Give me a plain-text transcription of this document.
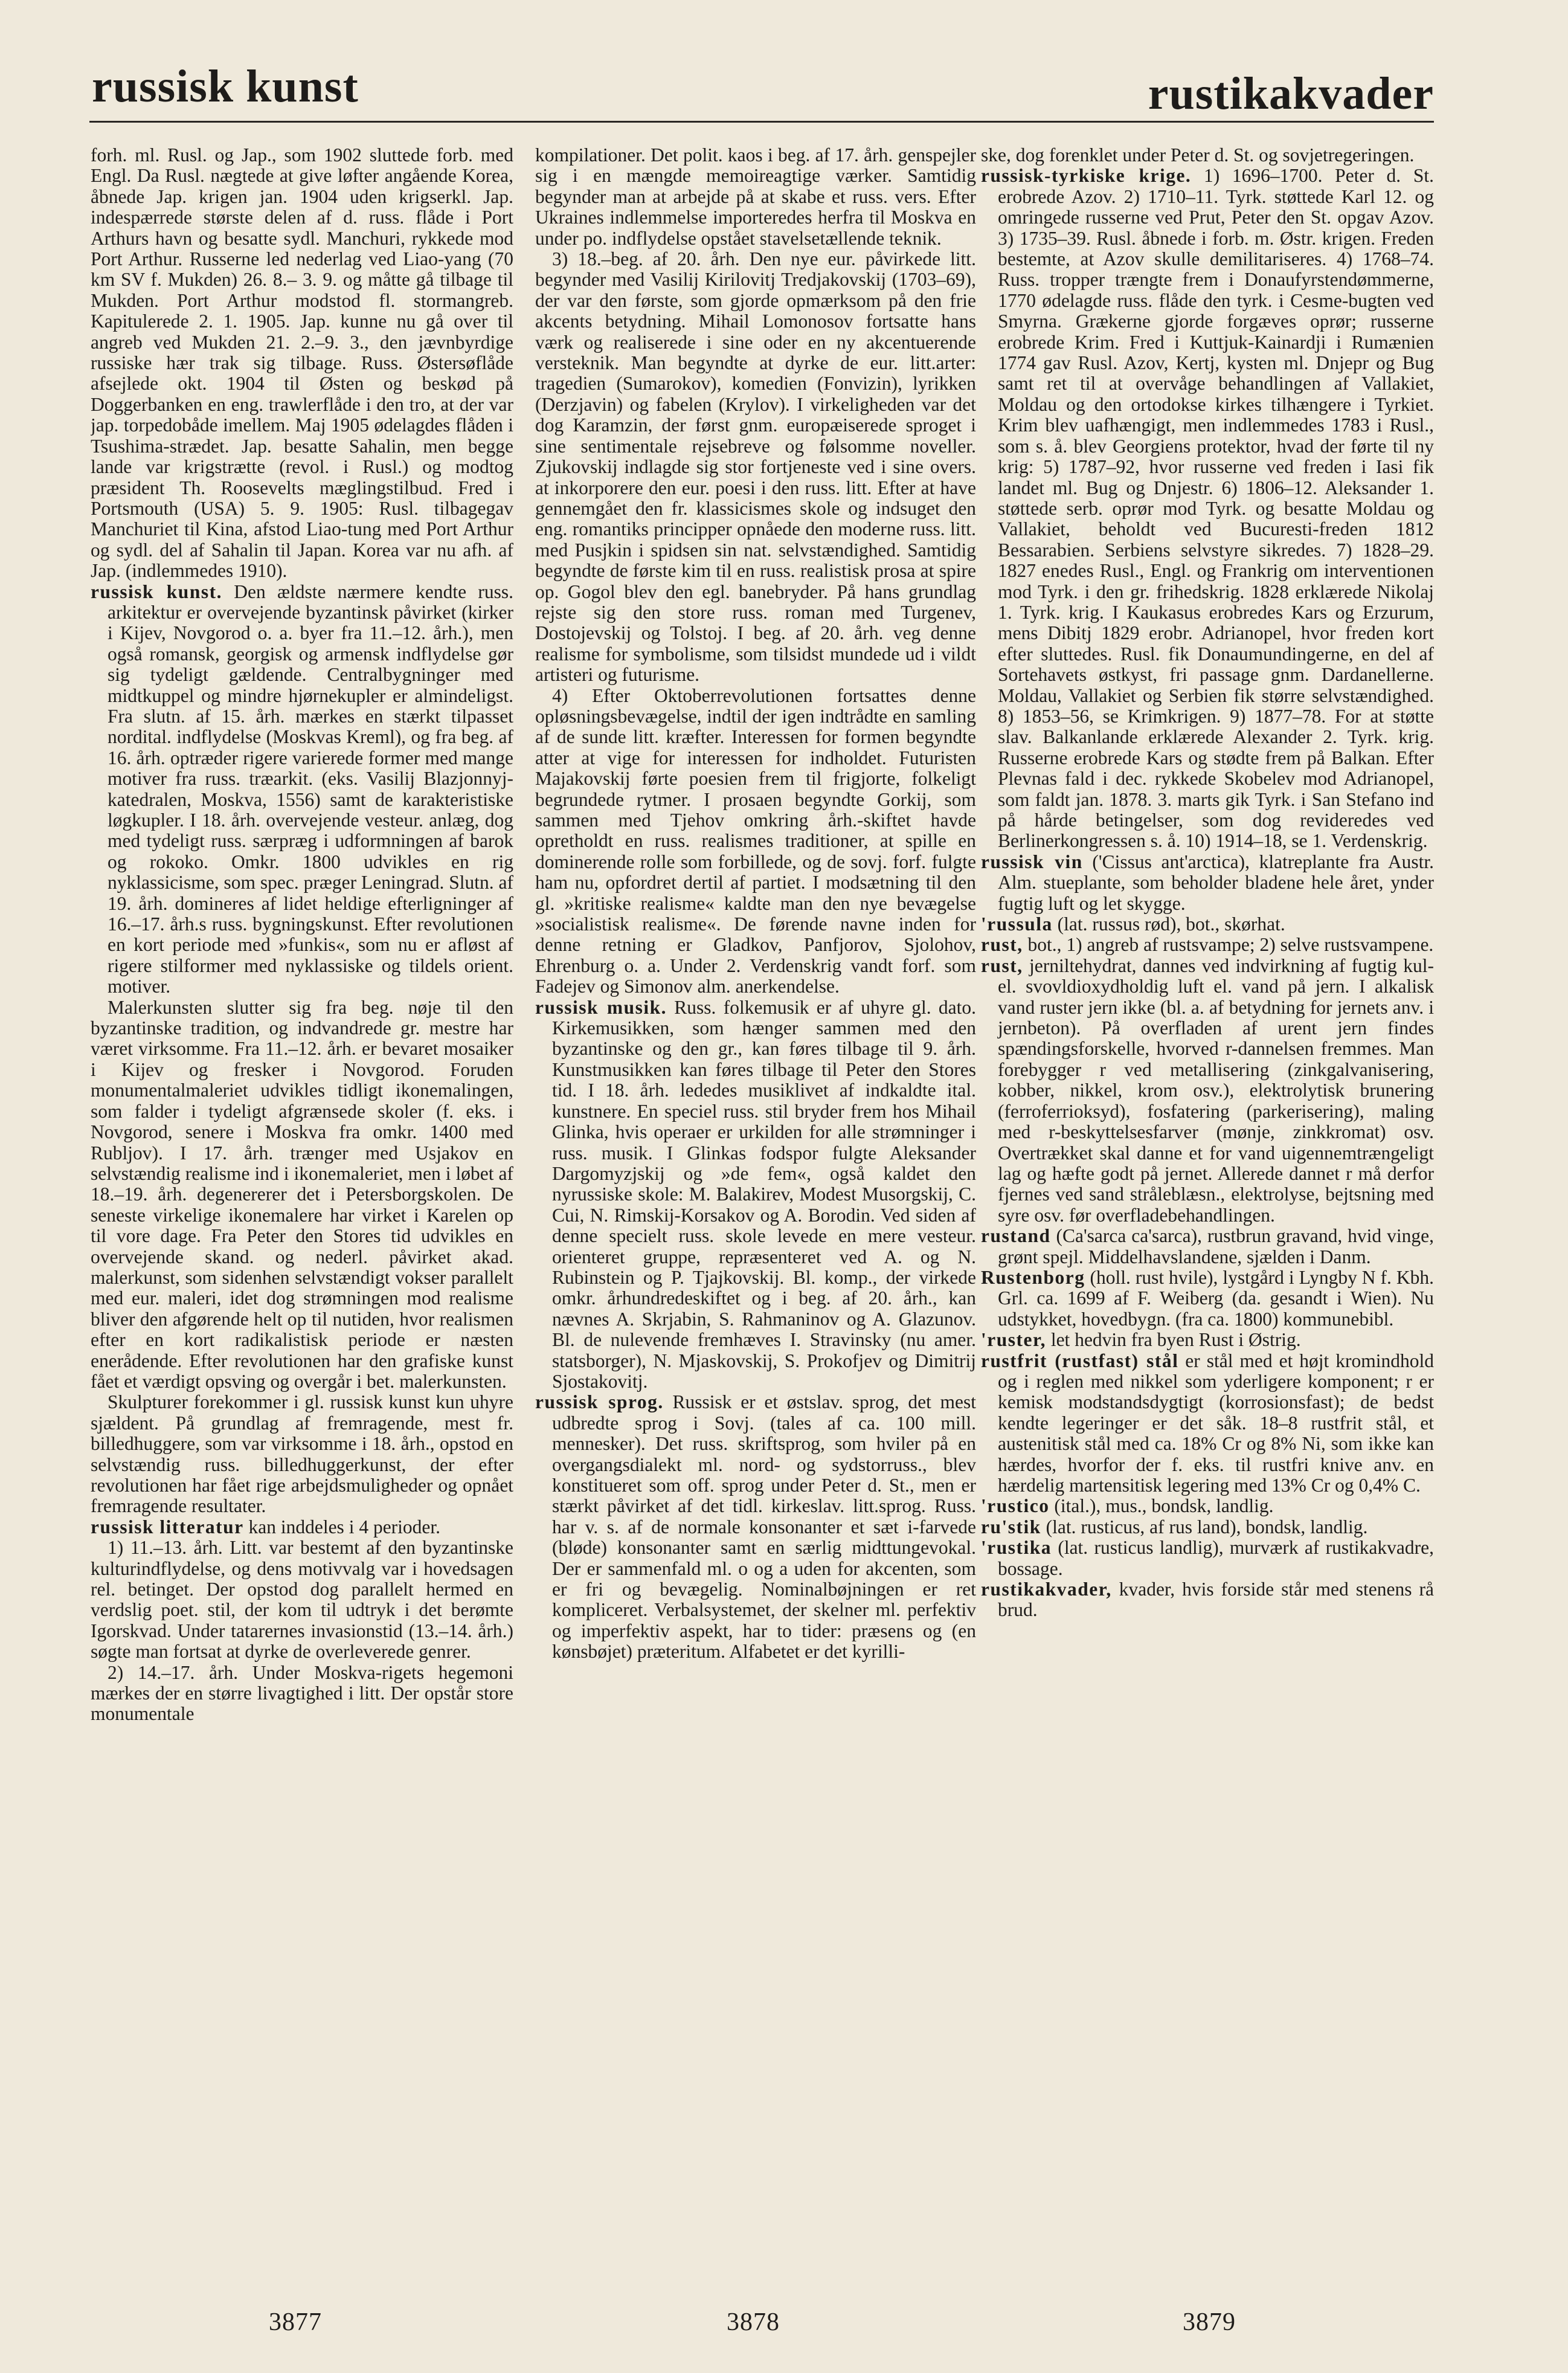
russisk kunst	rustikakvader

forh. ml. Rusl. og Jap., som 1902 sluttede forb. med Engl. Da Rusl. nægtede at give løfter angående Korea, åbnede Jap. krigen jan. 1904 uden krigserkl. Jap. indespærrede største delen af d. russ. flåde i Port Arthurs havn og besatte sydl. Manchuri, rykkede mod Port Arthur. Russerne led nederlag ved Liao-yang (70 km SV f. Mukden) 26. 8.– 3. 9. og måtte gå tilbage til Mukden. Port Arthur modstod fl. stormangreb. Kapitulerede 2. 1. 1905. Jap. kunne nu gå over til angreb ved Mukden 21. 2.–9. 3., den jævnbyrdige russiske hær trak sig tilbage. Russ. Østersøflåde afsejlede okt. 1904 til Østen og beskød på Doggerbanken en eng. trawlerflåde i den tro, at der var jap. torpedobåde imellem. Maj 1905 ødelagdes flåden i Tsushima-strædet. Jap. besatte Sahalin, men begge lande var krigstrætte (revol. i Rusl.) og modtog præsident Th. Roosevelts mæglingstilbud. Fred i Portsmouth (USA) 5. 9. 1905: Rusl. tilbagegav Manchuriet til Kina, afstod Liao-tung med Port Arthur og sydl. del af Sahalin til Japan. Korea var nu afh. af Jap. (indlemmedes 1910).

russisk kunst. Den ældste nærmere kendte russ. arkitektur er overvejende byzantinsk påvirket (kirker i Kijev, Novgorod o. a. byer fra 11.–12. årh.), men også romansk, georgisk og armensk indflydelse gør sig tydeligt gældende. Centralbygninger med midtkuppel og mindre hjørnekupler er almindeligst. Fra slutn. af 15. årh. mærkes en stærkt tilpasset nordital. indflydelse (Moskvas Kreml), og fra beg. af 16. årh. optræder rigere varierede former med mange motiver fra russ. træarkit. (eks. Vasilij Blazjonnyj-katedralen, Moskva, 1556) samt de karakteristiske løgkupler. I 18. årh. overvejende vesteur. anlæg, dog med tydeligt russ. særpræg i udformningen af barok og rokoko. Omkr. 1800 udvikles en rig nyklassicisme, som spec. præger Leningrad. Slutn. af 19. årh. domineres af lidet heldige efterligninger af 16.–17. årh.s russ. bygningskunst. Efter revolutionen en kort periode med »funkis«, som nu er afløst af rigere stilformer med nyklassiske og tildels orient. motiver.

Malerkunsten slutter sig fra beg. nøje til den byzantinske tradition, og indvandrede gr. mestre har været virksomme. Fra 11.–12. årh. er bevaret mosaiker i Kijev og fresker i Novgorod. Foruden monumentalmaleriet udvikles tidligt ikonemalingen, som falder i tydeligt afgrænsede skoler (f. eks. i Novgorod, senere i Moskva fra omkr. 1400 med Rubljov). I 17. årh. trænger med Usjakov en selvstændig realisme ind i ikonemaleriet, men i løbet af 18.–19. årh. degenererer det i Petersborgskolen. De seneste virkelige ikonemalere har virket i Karelen op til vore dage. Fra Peter den Stores tid udvikles en overvejende skand. og nederl. påvirket akad. malerkunst, som sidenhen selvstændigt vokser parallelt med eur. maleri, idet dog strømningen mod realisme bliver den afgørende helt op til nutiden, hvor realismen efter en kort radikalistisk periode er næsten enerådende. Efter revolutionen har den grafiske kunst fået et værdigt opsving og overgår i bet. malerkunsten.

Skulpturer forekommer i gl. russisk kunst kun uhyre sjældent. På grundlag af fremragende, mest fr. billedhuggere, som var virksomme i 18. årh., opstod en selvstændig russ. billedhuggerkunst, der efter revolutionen har fået rige arbejdsmuligheder og opnået fremragende resultater.

russisk litteratur kan inddeles i 4 perioder.

1) 11.–13. årh. Litt. var bestemt af den byzantinske kulturindflydelse, og dens motivvalg var i hovedsagen rel. betinget. Der opstod dog parallelt hermed en verdslig poet. stil, der kom til udtryk i det berømte Igorskvad. Under tatarernes invasionstid (13.–14. årh.) søgte man fortsat at dyrke de overleverede genrer.

2) 14.–17. årh. Under Moskva-rigets hegemoni mærkes der en større livagtighed i litt. Der opstår store monumentale

kompilationer. Det polit. kaos i beg. af 17. årh. genspejler sig i en mængde memoireagtige værker. Samtidig begynder man at arbejde på at skabe et russ. vers. Efter Ukraines indlemmelse importeredes herfra til Moskva en under po. indflydelse opstået stavelsetællende teknik.

3) 18.–beg. af 20. årh. Den nye eur. påvirkede litt. begynder med Vasilij Kirilovitj Tredjakovskij (1703–69), der var den første, som gjorde opmærksom på den frie akcents betydning. Mihail Lomonosov fortsatte hans værk og realiserede i sine oder en ny akcentuerende versteknik. Man begyndte at dyrke de eur. litt.arter: tragedien (Sumarokov), komedien (Fonvizin), lyrikken (Derzjavin) og fabelen (Krylov). I virkeligheden var det dog Karamzin, der først gnm. europæiserede sproget i sine sentimentale rejsebreve og følsomme noveller. Zjukovskij indlagde sig stor fortjeneste ved i sine overs. at inkorporere den eur. poesi i den russ. litt. Efter at have gennemgået den fr. klassicismes skole og indsuget den eng. romantiks principper opnåede den moderne russ. litt. med Pusjkin i spidsen sin nat. selvstændighed. Samtidig begyndte de første kim til en russ. realistisk prosa at spire op. Gogol blev den egl. banebryder. På hans grundlag rejste sig den store russ. roman med Turgenev, Dostojevskij og Tolstoj. I beg. af 20. årh. veg denne realisme for symbolisme, som tilsidst mundede ud i vildt artisteri og futurisme.

4) Efter Oktoberrevolutionen fortsattes denne opløsningsbevægelse, indtil der igen indtrådte en samling af de sunde litt. kræfter. Interessen for formen begyndte atter at vige for interessen for indholdet. Futuristen Majakovskij førte poesien frem til frigjorte, folkeligt begrundede rytmer. I prosaen begyndte Gorkij, som sammen med Tjehov omkring årh.-skiftet havde opretholdt en russ. realismes traditioner, at spille en dominerende rolle som forbillede, og de sovj. forf. fulgte ham nu, opfordret dertil af partiet. I modsætning til den gl. »kritiske realisme« kaldte man den nye bevægelse »socialistisk realisme«. De førende navne inden for denne retning er Gladkov, Panfjorov, Sjolohov, Ehrenburg o. a. Under 2. Verdenskrig vandt forf. som Fadejev og Simonov alm. anerkendelse.

russisk musik. Russ. folkemusik er af uhyre gl. dato. Kirkemusikken, som hænger sammen med den byzantinske og den gr., kan føres tilbage til 9. årh. Kunstmusikken kan føres tilbage til Peter den Stores tid. I 18. årh. lededes musiklivet af indkaldte ital. kunstnere. En speciel russ. stil bryder frem hos Mihail Glinka, hvis operaer er urkilden for alle strømninger i russ. musik. I Glinkas fodspor fulgte Aleksander Dargomyzjskij og »de fem«, også kaldet den nyrussiske skole: M. Balakirev, Modest Musorgskij, C. Cui, N. Rimskij-Korsakov og A. Borodin. Ved siden af denne specielt russ. skole levede en mere vesteur. orienteret gruppe, repræsenteret ved A. og N. Rubinstein og P. Tjajkovskij. Bl. komp., der virkede omkr. århundredeskiftet og i beg. af 20. årh., kan nævnes A. Skrjabin, S. Rahmaninov og A. Glazunov. Bl. de nulevende fremhæves I. Stravinsky (nu amer. statsborger), N. Mjaskovskij, S. Prokofjev og Dimitrij Sjostakovitj.

russisk sprog. Russisk er et østslav. sprog, det mest udbredte sprog i Sovj. (tales af ca. 100 mill. mennesker). Det russ. skriftsprog, som hviler på en overgangsdialekt ml. nord- og sydstorruss., blev konstitueret som off. sprog under Peter d. St., men er stærkt påvirket af det tidl. kirkeslav. litt.sprog. Russ. har v. s. af de normale konsonanter et sæt i-farvede (bløde) konsonanter samt en særlig midttungevokal. Der er sammenfald ml. o og a uden for akcenten, som er fri og bevægelig. Nominalbøjningen er ret kompliceret. Verbalsystemet, der skelner ml. perfektiv og imperfektiv aspekt, har to tider: præsens og (en kønsbøjet) præteritum. Alfabetet er det kyrilli-

ske, dog forenklet under Peter d. St. og sovjetregeringen.

russisk-tyrkiske krige. 1) 1696–1700. Peter d. St. erobrede Azov. 2) 1710–11. Tyrk. støttede Karl 12. og omringede russerne ved Prut, Peter den St. opgav Azov. 3) 1735–39. Rusl. åbnede i forb. m. Østr. krigen. Freden bestemte, at Azov skulle demilitariseres. 4) 1768–74. Russ. tropper trængte frem i Donaufyrstendømmerne, 1770 ødelagde russ. flåde den tyrk. i Cesme-bugten ved Smyrna. Grækerne gjorde forgæves oprør; russerne erobrede Krim. Fred i Kuttjuk-Kainardji i Rumænien 1774 gav Rusl. Azov, Kertj, kysten ml. Dnjepr og Bug samt ret til at overvåge behandlingen af Vallakiet, Moldau og den ortodokse kirkes tilhængere i Tyrkiet. Krim blev uafhængigt, men indlemmedes 1783 i Rusl., som s. å. blev Georgiens protektor, hvad der førte til ny krig: 5) 1787–92, hvor russerne ved freden i Iasi fik landet ml. Bug og Dnjestr. 6) 1806–12. Aleksander 1. støttede serb. oprør mod Tyrk. og besatte Moldau og Vallakiet, beholdt ved Bucuresti-freden 1812 Bessarabien. Serbiens selvstyre sikredes. 7) 1828–29. 1827 enedes Rusl., Engl. og Frankrig om interventionen mod Tyrk. i den gr. frihedskrig. 1828 erklærede Nikolaj 1. Tyrk. krig. I Kaukasus erobredes Kars og Erzurum, mens Dibitj 1829 erobr. Adrianopel, hvor freden kort efter sluttedes. Rusl. fik Donaumundingerne, en del af Sortehavets østkyst, fri passage gnm. Dardanellerne. Moldau, Vallakiet og Serbien fik større selvstændighed. 8) 1853–56, se Krimkrigen. 9) 1877–78. For at støtte slav. Balkanlande erklærede Alexander 2. Tyrk. krig. Russerne erobrede Kars og stødte frem på Balkan. Efter Plevnas fald i dec. rykkede Skobelev mod Adrianopel, som faldt jan. 1878. 3. marts gik Tyrk. i San Stefano ind på hårde betingelser, som dog revideredes ved Berlinerkongressen s. å. 10) 1914–18, se 1. Verdenskrig.

russisk vin ('Cissus ant'arctica), klatreplante fra Austr. Alm. stueplante, som beholder bladene hele året, ynder fugtig luft og let skygge.

'russula (lat. russus rød), bot., skørhat.

rust, bot., 1) angreb af rustsvampe; 2) selve rustsvampene.

rust, jerniltehydrat, dannes ved indvirkning af fugtig kul- el. svovldioxydholdig luft el. vand på jern. I alkalisk vand ruster jern ikke (bl. a. af betydning for jernets anv. i jernbeton). På overfladen af urent jern findes spændingsforskelle, hvorved r-dannelsen fremmes. Man forebygger r ved metallisering (zinkgalvanisering, kobber, nikkel, krom osv.), elektrolytisk brunering (ferroferrioksyd), fosfatering (parkerisering), maling med r-beskyttelsesfarver (mønje, zinkkromat) osv. Overtrækket skal danne et for vand uigennemtrængeligt lag og hæfte godt på jernet. Allerede dannet r må derfor fjernes ved sand strålеblæsn., elektrolyse, bejtsning med syre osv. før overfladebehandlingen.

rustand (Ca'sarca ca'sarca), rustbrun gravand, hvid vinge, grønt spejl. Middelhavslandene, sjælden i Danm.

Rustenborg (holl. rust hvile), lystgård i Lyngby N f. Kbh. Grl. ca. 1699 af F. Weiberg (da. gesandt i Wien). Nu udstykket, hovedbygn. (fra ca. 1800) kommunebibl.

'ruster, let hedvin fra byen Rust i Østrig.

rustfrit (rustfast) stål er stål med et højt kromindhold og i reglen med nikkel som yderligere komponent; r er kemisk modstandsdygtigt (korrosionsfast); de bedst kendte legeringer er det såk. 18–8 rustfrit stål, et austenitisk stål med ca. 18% Cr og 8% Ni, som ikke kan hærdes, hvorfor der f. eks. til rustfri knive anv. en hærdelig martensitisk legering med 13% Cr og 0,4% C.

'rustico (ital.), mus., bondsk, landlig.

ru'stik (lat. rusticus, af rus land), bondsk, landlig.

'rustika (lat. rusticus landlig), murværk af rustikakvadre, bossage.

rustikakvader, kvader, hvis forside står med stenens rå brud.

3877	3878	3879
